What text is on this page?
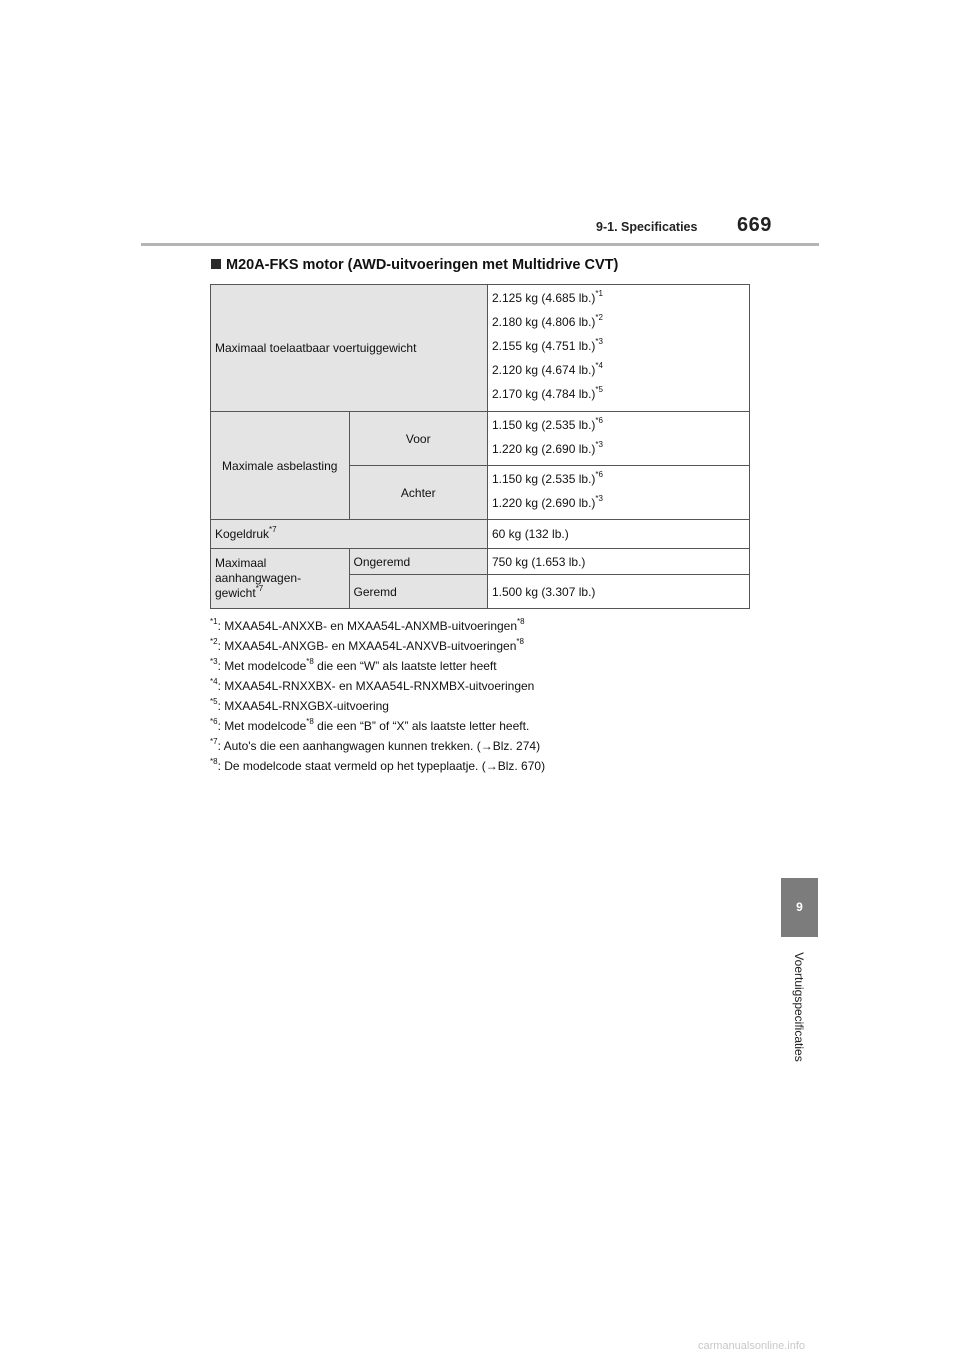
9-1. Specificaties 669
M20A-FKS motor (AWD-uitvoeringen met Multidrive CVT)
Maximaal toelaatbaar voertuiggewicht		2.125 kg (4.685 lb.)$^{*1}$
2.180 kg (4.806 lb.)$^{*2}$
2.155 kg (4.751 lb.)$^{*3}$
2.120 kg (4.674 lb.)$^{*4}$
2.170 kg (4.784 lb.)$^{*5}$

Maximale asbelasting	Voor	1.150 kg (2.535 lb.)$^{*6}$
1.220 kg (2.690 lb.)$^{*3}$

	Achter	1.150 kg (2.535 lb.)$^{*6}$
1.220 kg (2.690 lb.)$^{*3}$

Kogeldruk$^{*7}$		60 kg (132 lb.)
Maximaal
aanhangwagen-
gewicht$^{*7}$	Ongeremd	750 kg (1.653 lb.)
	Geremd	1.500 kg (3.307 lb.)
$^{*1}$: MXAA54L-ANXXB- en MXAA54L-ANXMB-uitvoeringen$^{*8}$
$^{*2}$: MXAA54L-ANXGB- en MXAA54L-ANXVB-uitvoeringen$^{*8}$
$^{*3}$: Met modelcode$^{*8}$ die een “W” als laatste letter heeft
$^{*4}$: MXAA54L-RNXXBX- en MXAA54L-RNXMBX-uitvoeringen
$^{*5}$: MXAA54L-RNXGBX-uitvoering
$^{*6}$: Met modelcode$^{*8}$ die een “B” of “X” als laatste letter heeft.
$^{*7}$: Auto's die een aanhangwagen kunnen trekken. (→Blz. 274)
$^{*8}$: De modelcode staat vermeld op het typeplaatje. (→Blz. 670)
9
Voertuigspecificaties
carmanualsonline.info
